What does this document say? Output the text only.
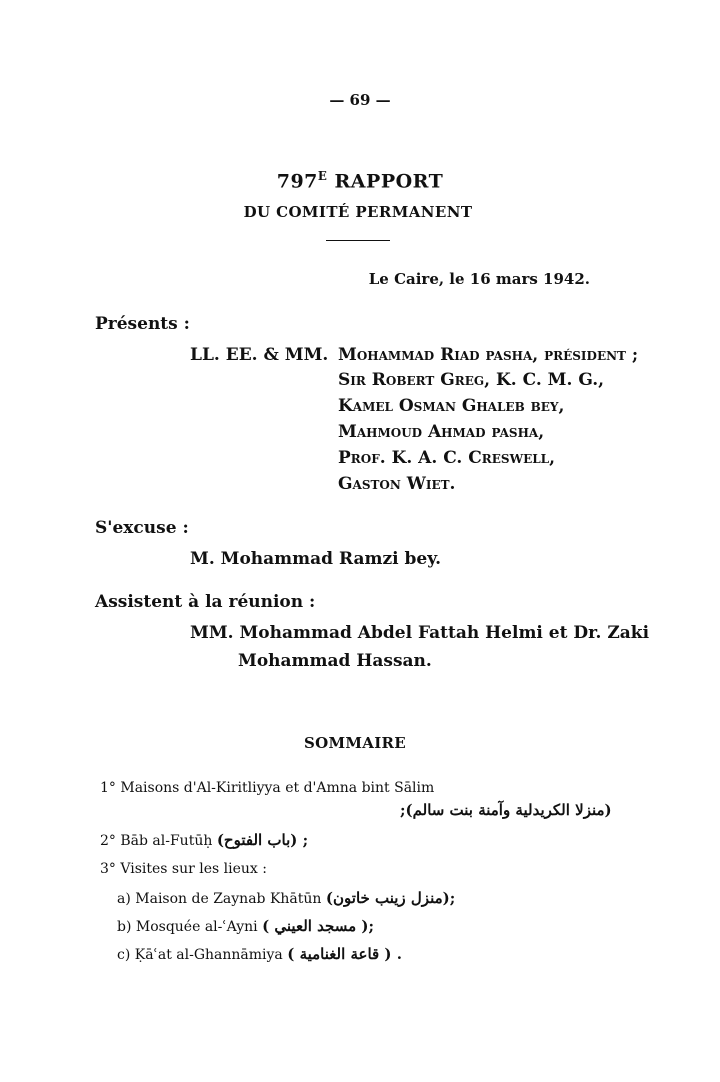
— 69 —
$797^E$ RAPPORT
DU COMITÉ PERMANENT
Le Caire, le 16 mars 1942.
Présents :
LL. EE. & MM. Mohammad Riad pasha, président ;
Sir Robert Greg, K. C. M. G.,
Kamel Osman Ghaleb bey,
Mahmoud Ahmad pasha,
Prof. K. A. C. Creswell,
Gaston Wiet.
S'excuse :
M. Mohammad Ramzi bey.
Assistent à la réunion :
MM. Mohammad Abdel Fattah Helmi et Dr. Zaki
Mohammad Hassan.
SOMMAIRE
1° Maisons d'Al-Kiritliyya et d'Amna bint Sālim
(منزلا الكريدلية وآمنة بنت سالم);
2° Bāb al-Futūḥ (باب الفتوح) ;
3° Visites sur les lieux :
a) Maison de Zaynab Khātūn (منزل زينب خاتون);
b) Mosquée al-ʿAyni ( مسجد العيني );
c) Ḳāʿat al-Ghannāmiya ( قاعة الغنامية ) .
